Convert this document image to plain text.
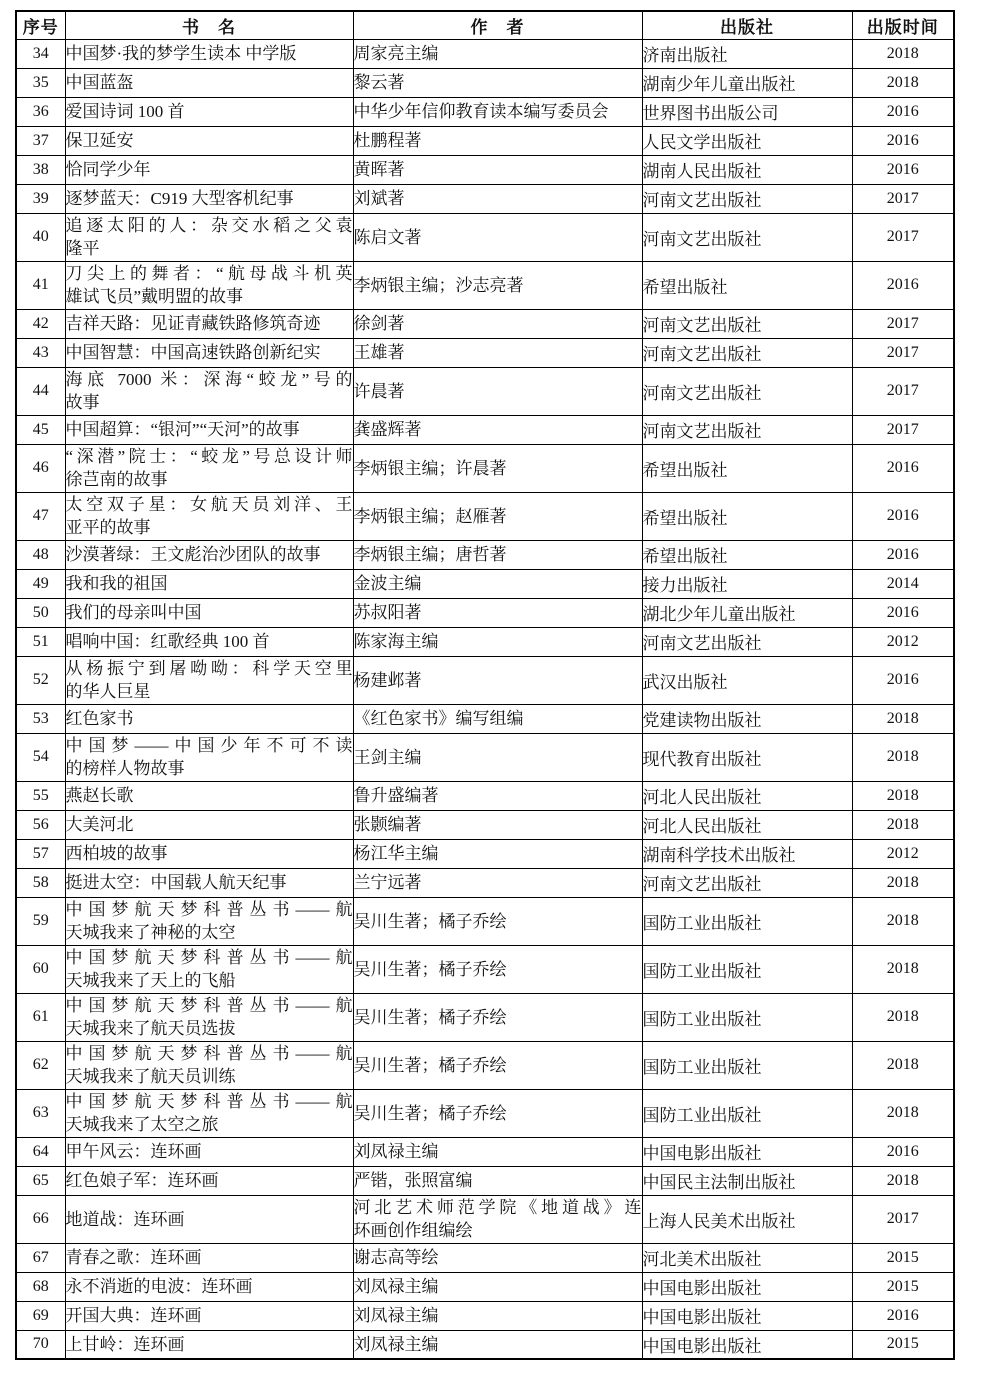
序号	书　名	作　者	出版社	出版时间
34	中国梦·我的梦学生读本 中学版	周家亮主编	济南出版社	2018
35	中国蓝盔	黎云著	湖南少年儿童出版社	2018
36	爱国诗词 100 首	中华少年信仰教育读本编写委员会	世界图书出版公司	2016
37	保卫延安	杜鹏程著	人民文学出版社	2016
38	恰同学少年	黄晖著	湖南人民出版社	2016
39	逐梦蓝天：C919 大型客机纪事	刘斌著	河南文艺出版社	2017
40	追逐太阳的人：杂交水稻之父袁
隆平	陈启文著	河南文艺出版社	2017
41	刀尖上的舞者：“航母战斗机英
雄试飞员”戴明盟的故事	李炳银主编；沙志亮著	希望出版社	2016
42	吉祥天路：见证青藏铁路修筑奇迹	徐剑著	河南文艺出版社	2017
43	中国智慧：中国高速铁路创新纪实	王雄著	河南文艺出版社	2017
44	海底 7000 米：深海“蛟龙”号的
故事	许晨著	河南文艺出版社	2017
45	中国超算：“银河”“天河”的故事	龚盛辉著	河南文艺出版社	2017
46	“深潜”院士：“蛟龙”号总设计师
徐芑南的故事	李炳银主编；许晨著	希望出版社	2016
47	太空双子星：女航天员刘洋、王
亚平的故事	李炳银主编；赵雁著	希望出版社	2016
48	沙漠著绿：王文彪治沙团队的故事	李炳银主编；唐哲著	希望出版社	2016
49	我和我的祖国	金波主编	接力出版社	2014
50	我们的母亲叫中国	苏叔阳著	湖北少年儿童出版社	2016
51	唱响中国：红歌经典 100 首	陈家海主编	河南文艺出版社	2012
52	从杨振宁到屠呦呦：科学天空里
的华人巨星	杨建邺著	武汉出版社	2016
53	红色家书	《红色家书》编写组编	党建读物出版社	2018
54	中国梦——中国少年不可不读
的榜样人物故事	王剑主编	现代教育出版社	2018
55	燕赵长歌	鲁升盛编著	河北人民出版社	2018
56	大美河北	张颢编著	河北人民出版社	2018
57	西柏坡的故事	杨江华主编	湖南科学技术出版社	2012
58	挺进太空：中国载人航天纪事	兰宁远著	河南文艺出版社	2018
59	中国梦航天梦科普丛书——航
天城我来了神秘的太空	吴川生著；橘子乔绘	国防工业出版社	2018
60	中国梦航天梦科普丛书——航
天城我来了天上的飞船	吴川生著；橘子乔绘	国防工业出版社	2018
61	中国梦航天梦科普丛书——航
天城我来了航天员选拔	吴川生著；橘子乔绘	国防工业出版社	2018
62	中国梦航天梦科普丛书——航
天城我来了航天员训练	吴川生著；橘子乔绘	国防工业出版社	2018
63	中国梦航天梦科普丛书——航
天城我来了太空之旅	吴川生著；橘子乔绘	国防工业出版社	2018
64	甲午风云：连环画	刘凤禄主编	中国电影出版社	2016
65	红色娘子军：连环画	严锴，张照富编	中国民主法制出版社	2018
66	地道战：连环画	河北艺术师范学院《地道战》连
环画创作组编绘	上海人民美术出版社	2017
67	青春之歌：连环画	谢志高等绘	河北美术出版社	2015
68	永不消逝的电波：连环画	刘凤禄主编	中国电影出版社	2015
69	开国大典：连环画	刘凤禄主编	中国电影出版社	2016
70	上甘岭：连环画	刘凤禄主编	中国电影出版社	2015
